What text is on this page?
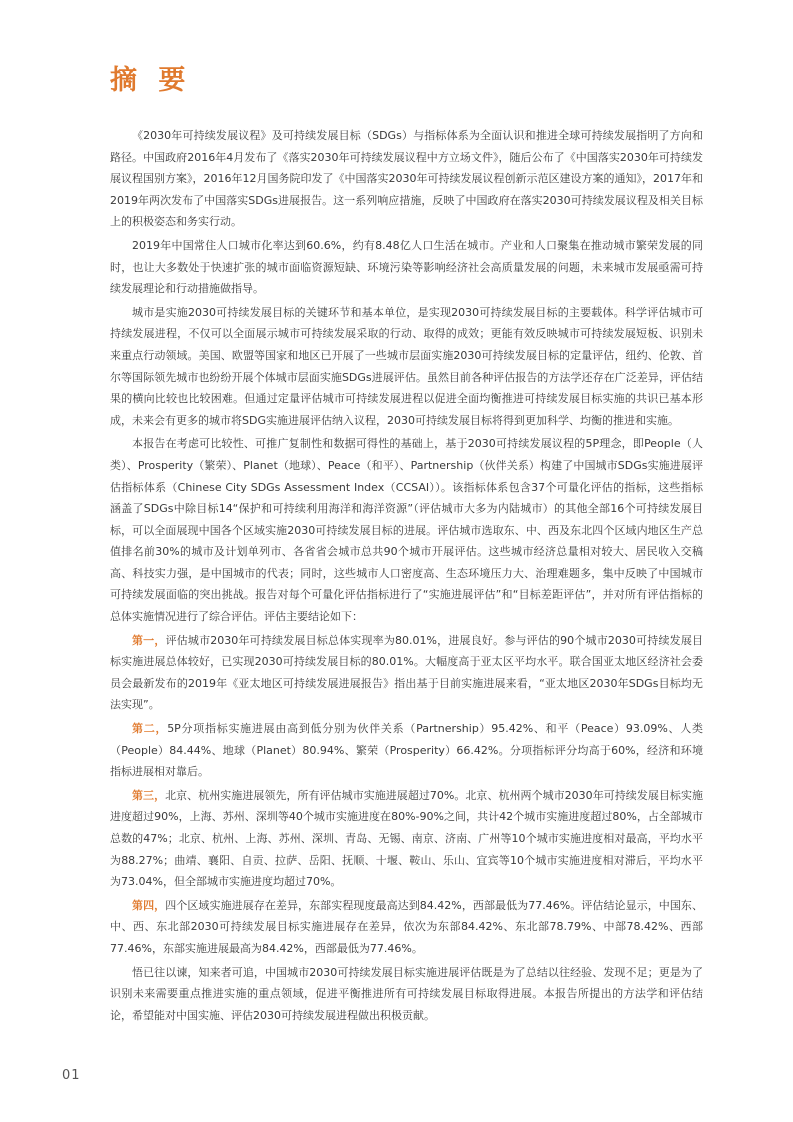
摘 要

《2030年可持续发展议程》及可持续发展目标（SDGs）与指标体系为全面认识和推进全球可持续发展指明了方向和路径。中国政府2016年4月发布了《落实2030年可持续发展议程中方立场文件》，随后公布了《中国落实2030年可持续发展议程国别方案》，2016年12月国务院印发了《中国落实2030年可持续发展议程创新示范区建设方案的通知》，2017年和2019年两次发布了中国落实SDGs进展报告。这一系列响应措施，反映了中国政府在落实2030可持续发展议程及相关目标上的积极姿态和务实行动。

2019年中国常住人口城市化率达到60.6%，约有8.48亿人口生活在城市。产业和人口聚集在推动城市繁荣发展的同时，也让大多数处于快速扩张的城市面临资源短缺、环境污染等影响经济社会高质量发展的问题，未来城市发展亟需可持续发展理论和行动措施做指导。

城市是实施2030可持续发展目标的关键环节和基本单位，是实现2030可持续发展目标的主要载体。科学评估城市可持续发展进程，不仅可以全面展示城市可持续发展采取的行动、取得的成效；更能有效反映城市可持续发展短板、识别未来重点行动领域。美国、欧盟等国家和地区已开展了一些城市层面实施2030可持续发展目标的定量评估，纽约、伦敦、首尔等国际领先城市也纷纷开展个体城市层面实施SDGs进展评估。虽然目前各种评估报告的方法学还存在广泛差异，评估结果的横向比较也比较困难。但通过定量评估城市可持续发展进程以促进全面均衡推进可持续发展目标实施的共识已基本形成，未来会有更多的城市将SDG实施进展评估纳入议程，2030可持续发展目标将得到更加科学、均衡的推进和实施。

本报告在考虑可比较性、可推广复制性和数据可得性的基础上，基于2030可持续发展议程的5P理念，即People（人类）、Prosperity（繁荣）、Planet（地球）、Peace（和平）、Partnership（伙伴关系）构建了中国城市SDGs实施进展评估指标体系（Chinese City SDGs Assessment Index（CCSAI））。该指标体系包含37个可量化评估的指标，这些指标涵盖了SDGs中除目标14“保护和可持续利用海洋和海洋资源”（评估城市大多为内陆城市）的其他全部16个可持续发展目标，可以全面展现中国各个区域实施2030可持续发展目标的进展。评估城市选取东、中、西及东北四个区域内地区生产总值排名前30%的城市及计划单列市、各省省会城市总共90个城市开展评估。这些城市经济总量相对较大、居民收入交稿高、科技实力强，是中国城市的代表；同时，这些城市人口密度高、生态环境压力大、治理难题多，集中反映了中国城市可持续发展面临的突出挑战。报告对每个可量化评估指标进行了“实施进展评估”和“目标差距评估”，并对所有评估指标的总体实施情况进行了综合评估。评估主要结论如下：

第一，评估城市2030年可持续发展目标总体实现率为80.01%，进展良好。参与评估的90个城市2030可持续发展目标实施进展总体较好，已实现2030可持续发展目标的80.01%。大幅度高于亚太区平均水平。联合国亚太地区经济社会委员会最新发布的2019年《亚太地区可持续发展进展报告》指出基于目前实施进展来看，“亚太地区2030年SDGs目标均无法实现”。

第二，5P分项指标实施进展由高到低分别为伙伴关系（Partnership）95.42%、和平（Peace）93.09%、人类（People）84.44%、地球（Planet）80.94%、繁荣（Prosperity）66.42%。分项指标评分均高于60%，经济和环境指标进展相对靠后。

第三，北京、杭州实施进展领先，所有评估城市实施进展超过70%。北京、杭州两个城市2030年可持续发展目标实施进度超过90%，上海、苏州、深圳等40个城市实施进度在80%-90%之间，共计42个城市实施进度超过80%，占全部城市总数的47%；北京、杭州、上海、苏州、深圳、青岛、无锡、南京、济南、广州等10个城市实施进度相对最高，平均水平为88.27%；曲靖、襄阳、自贡、拉萨、岳阳、抚顺、十堰、鞍山、乐山、宜宾等10个城市实施进度相对滞后，平均水平为73.04%，但全部城市实施进度均超过70%。

第四，四个区域实施进展存在差异，东部实程现度最高达到84.42%，西部最低为77.46%。评估结论显示，中国东、中、西、东北部2030可持续发展目标实施进展存在差异，依次为东部84.42%、东北部78.79%、中部78.42%、西部77.46%，东部实施进展最高为84.42%，西部最低为77.46%。

悟已往以谏，知来者可追，中国城市2030可持续发展目标实施进展评估既是为了总结以往经验、发现不足；更是为了识别未来需要重点推进实施的重点领域，促进平衡推进所有可持续发展目标取得进展。本报告所提出的方法学和评估结论，希望能对中国实施、评估2030可持续发展进程做出积极贡献。

01
